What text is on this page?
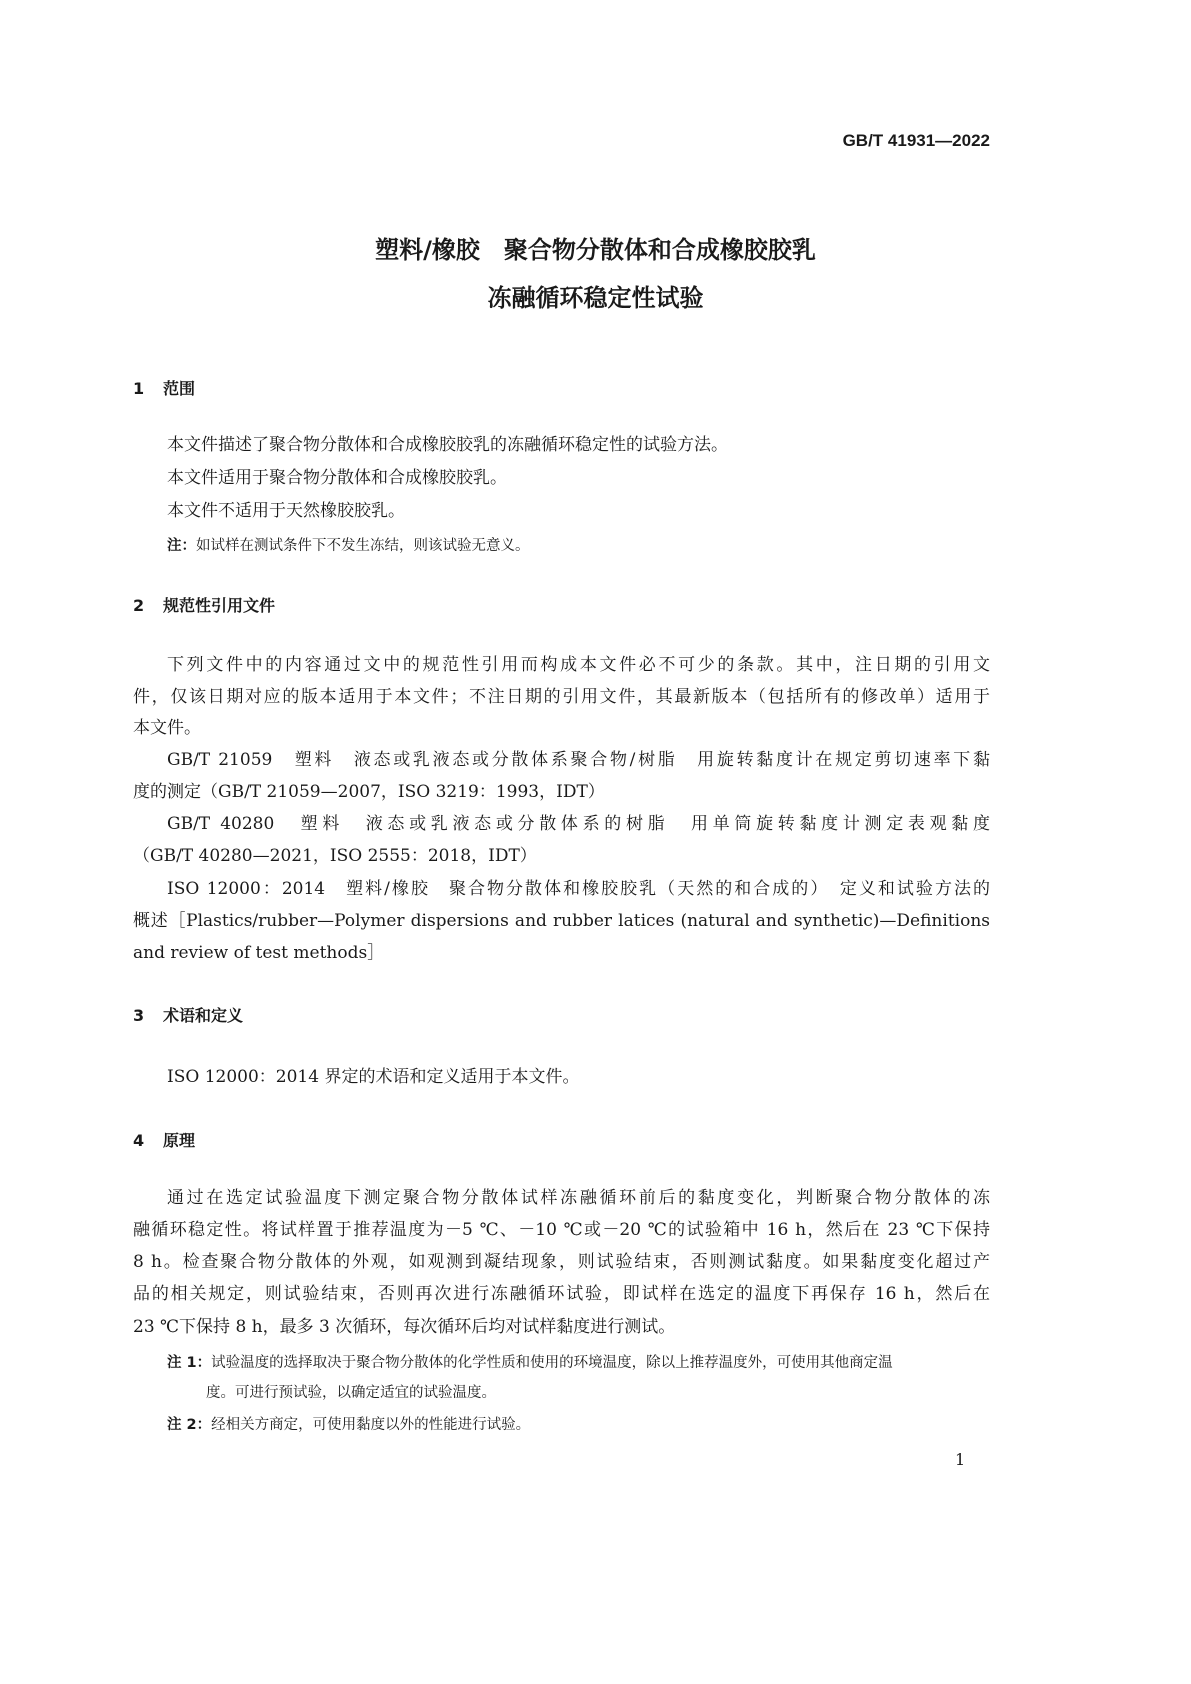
GB/T 41931—2022
塑料/橡胶　聚合物分散体和合成橡胶胶乳
冻融循环稳定性试验
1 范围
本文件描述了聚合物分散体和合成橡胶胶乳的冻融循环稳定性的试验方法。
本文件适用于聚合物分散体和合成橡胶胶乳。
本文件不适用于天然橡胶胶乳。
注：如试样在测试条件下不发生冻结，则该试验无意义。
2 规范性引用文件
下列文件中的内容通过文中的规范性引用而构成本文件必不可少的条款。其中，注日期的引用文
件，仅该日期对应的版本适用于本文件；不注日期的引用文件，其最新版本（包括所有的修改单）适用于
本文件。
GB/T 21059　塑料　液态或乳液态或分散体系聚合物/树脂　用旋转黏度计在规定剪切速率下黏
度的测定（GB/T 21059—2007，ISO 3219：1993，IDT）
GB/T 40280　塑料　液态或乳液态或分散体系的树脂　用单筒旋转黏度计测定表观黏度
（GB/T 40280—2021，ISO 2555：2018，IDT）
ISO 12000：2014　塑料/橡胶　聚合物分散体和橡胶胶乳（天然的和合成的）　定义和试验方法的
概述［Plastics/rubber—Polymer dispersions and rubber latices (natural and synthetic)—Definitions
and review of test methods］
3 术语和定义
ISO 12000：2014 界定的术语和定义适用于本文件。
4 原理
通过在选定试验温度下测定聚合物分散体试样冻融循环前后的黏度变化，判断聚合物分散体的冻
融循环稳定性。将试样置于推荐温度为－5 ℃、－10 ℃或－20 ℃的试验箱中 16 h，然后在 23 ℃下保持
8 h。检查聚合物分散体的外观，如观测到凝结现象，则试验结束，否则测试黏度。如果黏度变化超过产
品的相关规定，则试验结束，否则再次进行冻融循环试验，即试样在选定的温度下再保存 16 h，然后在
23 ℃下保持 8 h，最多 3 次循环，每次循环后均对试样黏度进行测试。
注 1：试验温度的选择取决于聚合物分散体的化学性质和使用的环境温度，除以上推荐温度外，可使用其他商定温
度。可进行预试验，以确定适宜的试验温度。
注 2：经相关方商定，可使用黏度以外的性能进行试验。
1
